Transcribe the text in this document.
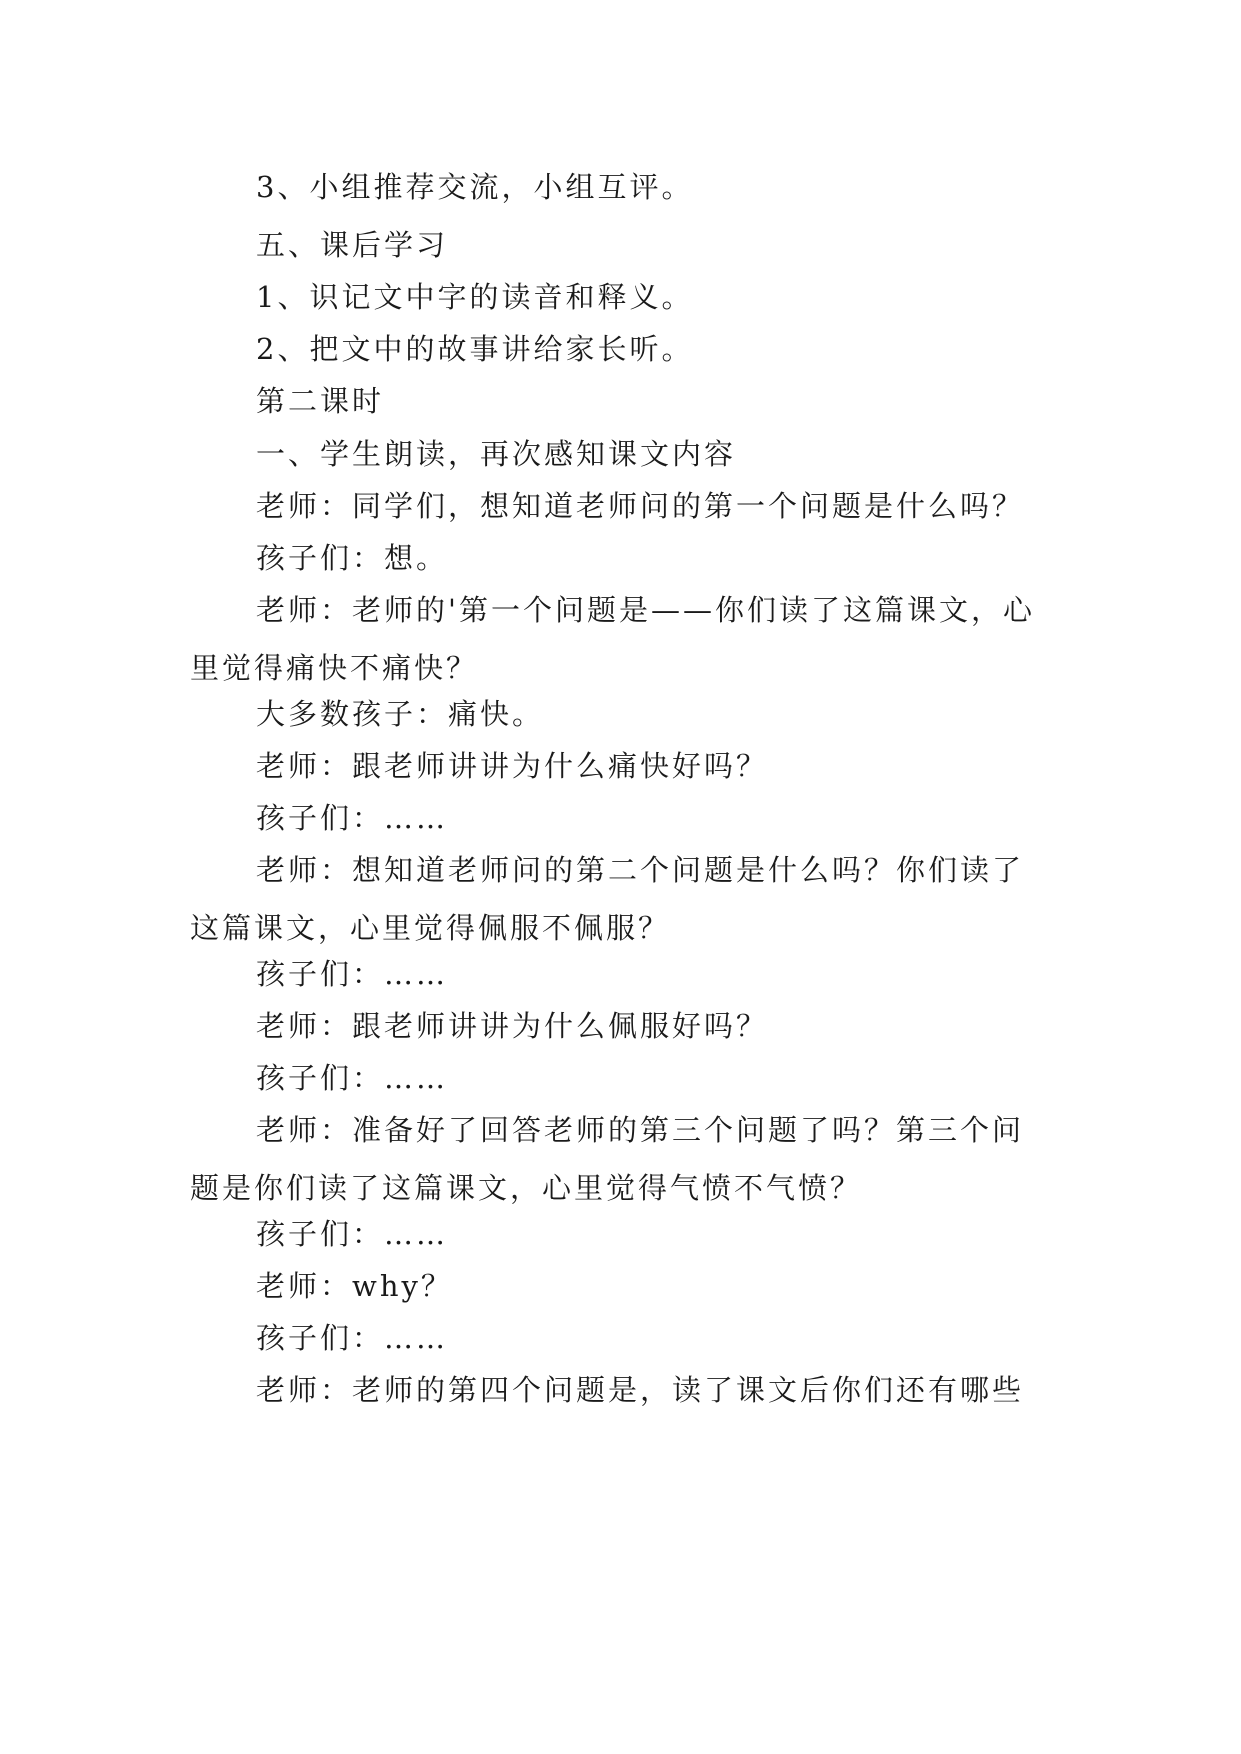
3、小组推荐交流，小组互评。

五、课后学习

1、识记文中字的读音和释义。

2、把文中的故事讲给家长听。

第二课时

一、学生朗读，再次感知课文内容

老师：同学们，想知道老师问的第一个问题是什么吗？

孩子们：想。

老师：老师的'第一个问题是——你们读了这篇课文，心里觉得痛快不痛快？

大多数孩子：痛快。

老师：跟老师讲讲为什么痛快好吗？

孩子们：……

老师：想知道老师问的第二个问题是什么吗？你们读了这篇课文，心里觉得佩服不佩服？

孩子们：……

老师：跟老师讲讲为什么佩服好吗？

孩子们：……

老师：准备好了回答老师的第三个问题了吗？第三个问题是你们读了这篇课文，心里觉得气愤不气愤？

孩子们：……

老师：why？

孩子们：……

老师：老师的第四个问题是，读了课文后你们还有哪些
